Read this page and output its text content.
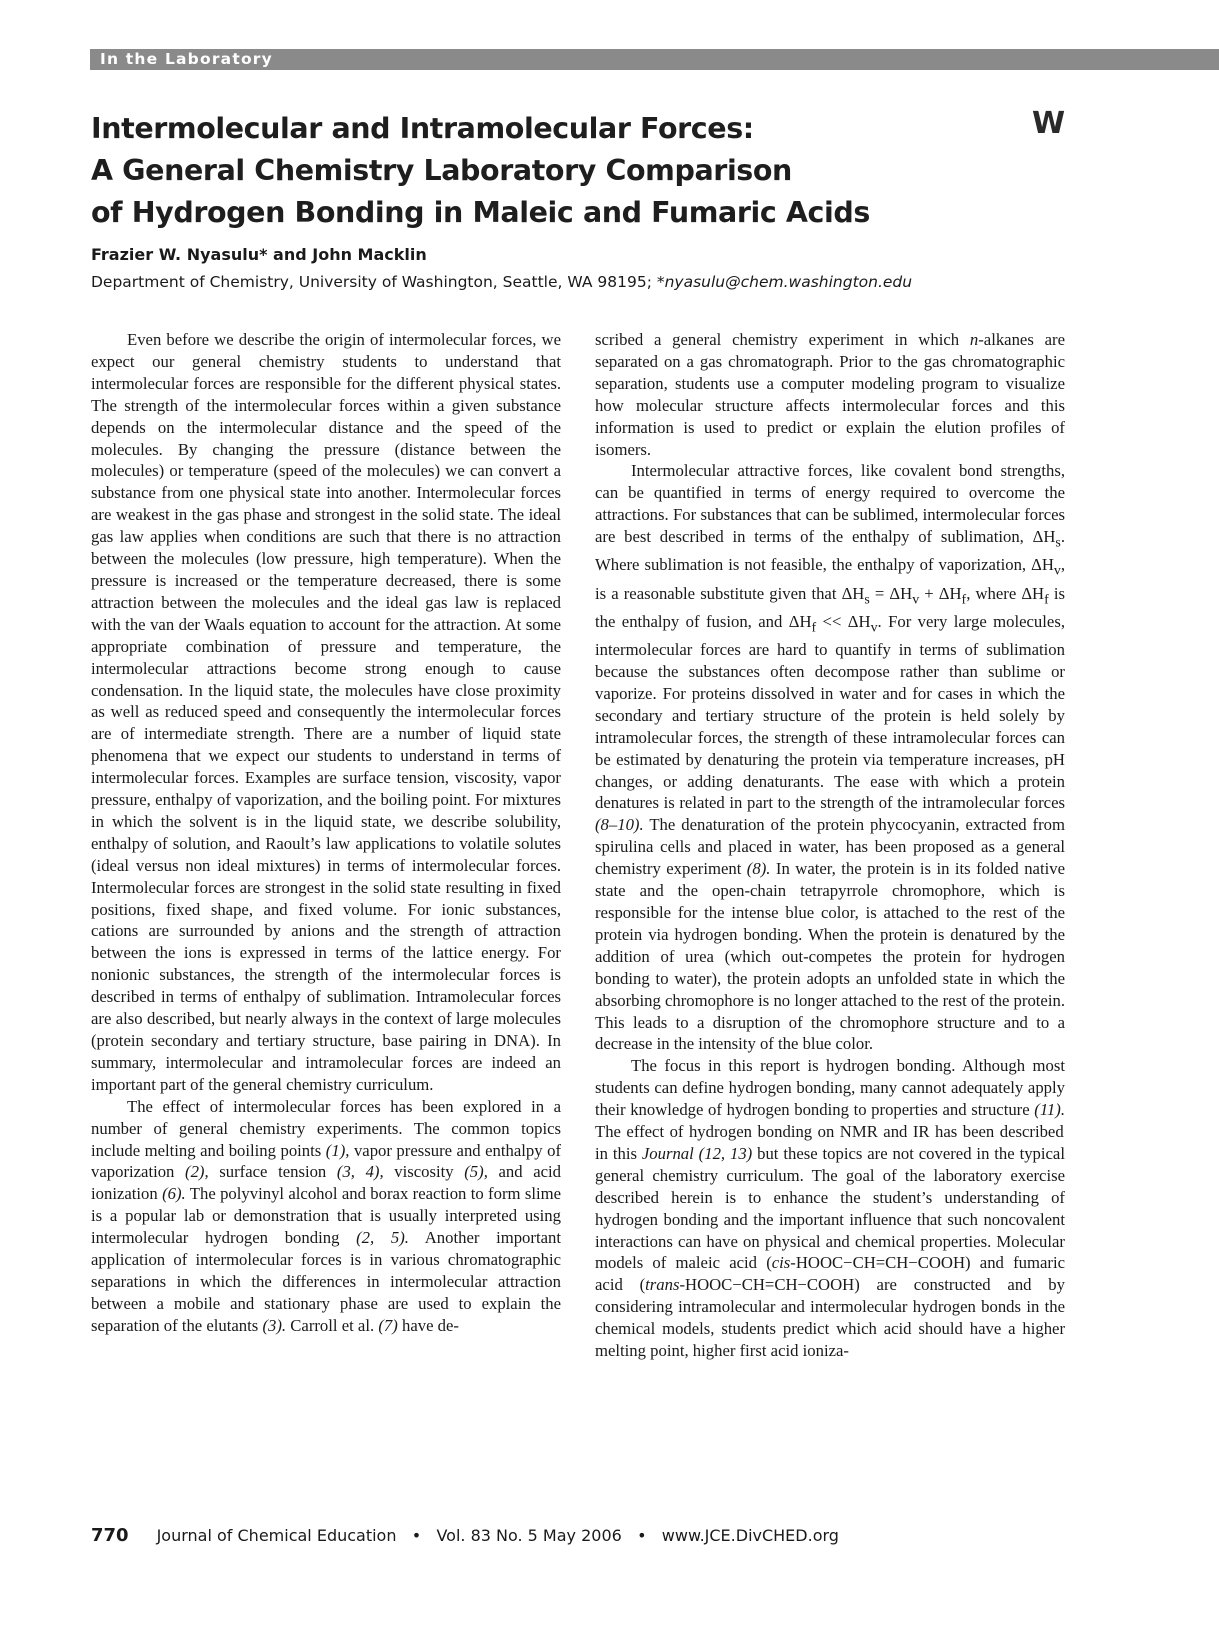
In the Laboratory
Intermolecular and Intramolecular Forces:
A General Chemistry Laboratory Comparison
of Hydrogen Bonding in Maleic and Fumaric Acids
W
Frazier W. Nyasulu* and John Macklin
Department of Chemistry, University of Washington, Seattle, WA 98195; *nyasulu@chem.washington.edu

Even before we describe the origin of intermolecular forces, we expect our general chemistry students to understand that intermolecular forces are responsible for the different physical states. The strength of the intermolecular forces within a given substance depends on the intermolecular distance and the speed of the molecules. By changing the pressure (distance between the molecules) or temperature (speed of the molecules) we can convert a substance from one physical state into another. Intermolecular forces are weakest in the gas phase and strongest in the solid state. The ideal gas law applies when conditions are such that there is no attraction between the molecules (low pressure, high temperature). When the pressure is increased or the temperature decreased, there is some attraction between the molecules and the ideal gas law is replaced with the van der Waals equation to account for the attraction. At some appropriate combination of pressure and temperature, the intermolecular attractions become strong enough to cause condensation. In the liquid state, the molecules have close proximity as well as reduced speed and consequently the intermolecular forces are of intermediate strength. There are a number of liquid state phenomena that we expect our students to understand in terms of intermolecular forces. Examples are surface tension, viscosity, vapor pressure, enthalpy of vaporization, and the boiling point. For mixtures in which the solvent is in the liquid state, we describe solubility, enthalpy of solution, and Raoult’s law applications to volatile solutes (ideal versus non ideal mixtures) in terms of intermolecular forces. Intermolecular forces are strongest in the solid state resulting in fixed positions, fixed shape, and fixed volume. For ionic substances, cations are surrounded by anions and the strength of attraction between the ions is expressed in terms of the lattice energy. For nonionic substances, the strength of the intermolecular forces is described in terms of enthalpy of sublimation. Intramolecular forces are also described, but nearly always in the context of large molecules (protein secondary and tertiary structure, base pairing in DNA). In summary, intermolecular and intramolecular forces are indeed an important part of the general chemistry curriculum.

The effect of intermolecular forces has been explored in a number of general chemistry experiments. The common topics include melting and boiling points (1), vapor pressure and enthalpy of vaporization (2), surface tension (3, 4), viscosity (5), and acid ionization (6). The polyvinyl alcohol and borax reaction to form slime is a popular lab or demonstration that is usually interpreted using intermolecular hydrogen bonding (2, 5). Another important application of intermolecular forces is in various chromatographic separations in which the differences in intermolecular attraction between a mobile and stationary phase are used to explain the separation of the elutants (3). Carroll et al. (7) have de-

scribed a general chemistry experiment in which n-alkanes are separated on a gas chromatograph. Prior to the gas chromatographic separation, students use a computer modeling program to visualize how molecular structure affects intermolecular forces and this information is used to predict or explain the elution profiles of isomers.

Intermolecular attractive forces, like covalent bond strengths, can be quantified in terms of energy required to overcome the attractions. For substances that can be sublimed, intermolecular forces are best described in terms of the enthalpy of sublimation, $\Delta H_s$. Where sublimation is not feasible, the enthalpy of vaporization, $\Delta H_v$, is a reasonable substitute given that $\Delta H_s = \Delta H_v + \Delta H_f$, where $\Delta H_f$ is the enthalpy of fusion, and $\Delta H_f << \Delta H_v$. For very large molecules, intermolecular forces are hard to quantify in terms of sublimation because the substances often decompose rather than sublime or vaporize. For proteins dissolved in water and for cases in which the secondary and tertiary structure of the protein is held solely by intramolecular forces, the strength of these intramolecular forces can be estimated by denaturing the protein via temperature increases, pH changes, or adding denaturants. The ease with which a protein denatures is related in part to the strength of the intramolecular forces (8–10). The denaturation of the protein phycocyanin, extracted from spirulina cells and placed in water, has been proposed as a general chemistry experiment (8). In water, the protein is in its folded native state and the open-chain tetrapyrrole chromophore, which is responsible for the intense blue color, is attached to the rest of the protein via hydrogen bonding. When the protein is denatured by the addition of urea (which out-competes the protein for hydrogen bonding to water), the protein adopts an unfolded state in which the absorbing chromophore is no longer attached to the rest of the protein. This leads to a disruption of the chromophore structure and to a decrease in the intensity of the blue color.

The focus in this report is hydrogen bonding. Although most students can define hydrogen bonding, many cannot adequately apply their knowledge of hydrogen bonding to properties and structure (11). The effect of hydrogen bonding on NMR and IR has been described in this Journal (12, 13) but these topics are not covered in the typical general chemistry curriculum. The goal of the laboratory exercise described herein is to enhance the student’s understanding of hydrogen bonding and the important influence that such noncovalent interactions can have on physical and chemical properties. Molecular models of maleic acid (cis-HOOC−CH=CH−COOH) and fumaric acid (trans-HOOC−CH=CH−COOH) are constructed and by considering intramolecular and intermolecular hydrogen bonds in the chemical models, students predict which acid should have a higher melting point, higher first acid ioniza-

770 Journal of Chemical Education • Vol. 83 No. 5 May 2006 • www.JCE.DivCHED.org
